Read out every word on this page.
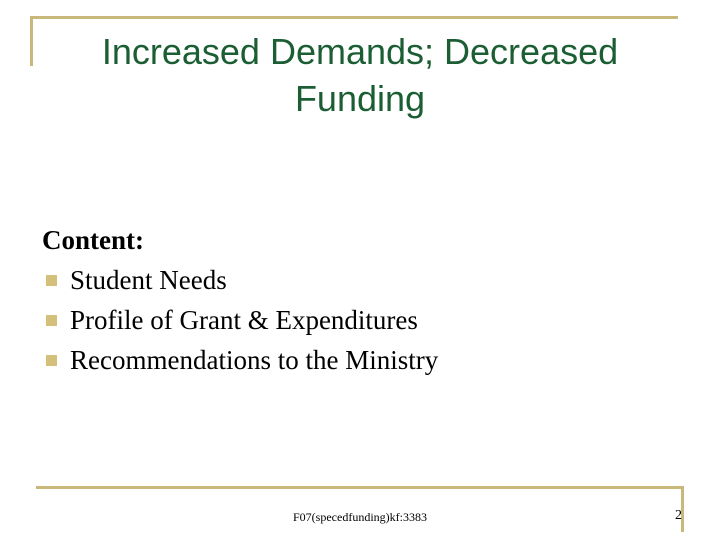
Increased Demands; Decreased Funding

Content:

Student Needs
Profile of Grant & Expenditures
Recommendations to the Ministry
F07(specedfunding)kf:3383	2
